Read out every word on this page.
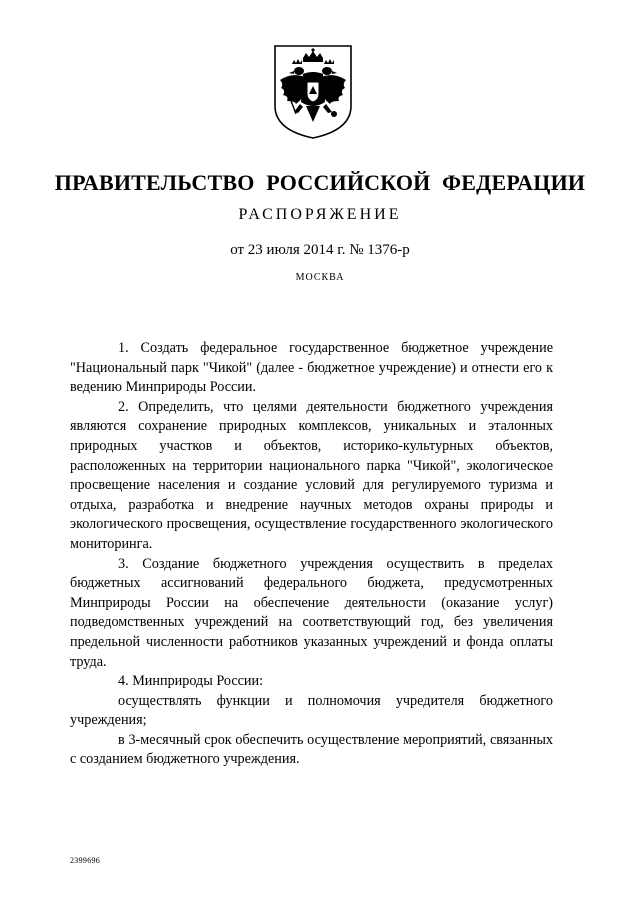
ПРАВИТЕЛЬСТВО РОССИЙСКОЙ ФЕДЕРАЦИИ
РАСПОРЯЖЕНИЕ
от 23 июля 2014 г. № 1376-р
МОСКВА

1. Создать федеральное государственное бюджетное учреждение "Национальный парк "Чикой" (далее - бюджетное учреждение) и отнести его к ведению Минприроды России.

2. Определить, что целями деятельности бюджетного учреждения являются сохранение природных комплексов, уникальных и эталонных природных участков и объектов, историко-культурных объектов, расположенных на территории национального парка "Чикой", экологическое просвещение населения и создание условий для регулируемого туризма и отдыха, разработка и внедрение научных методов охраны природы и экологического просвещения, осуществление государственного экологического мониторинга.

3. Создание бюджетного учреждения осуществить в пределах бюджетных ассигнований федерального бюджета, предусмотренных Минприроды России на обеспечение деятельности (оказание услуг) подведомственных учреждений на соответствующий год, без увеличения предельной численности работников указанных учреждений и фонда оплаты труда.

4. Минприроды России:

осуществлять функции и полномочия учредителя бюджетного учреждения;

в 3-месячный срок обеспечить осуществление мероприятий, связанных с созданием бюджетного учреждения.

2399696
